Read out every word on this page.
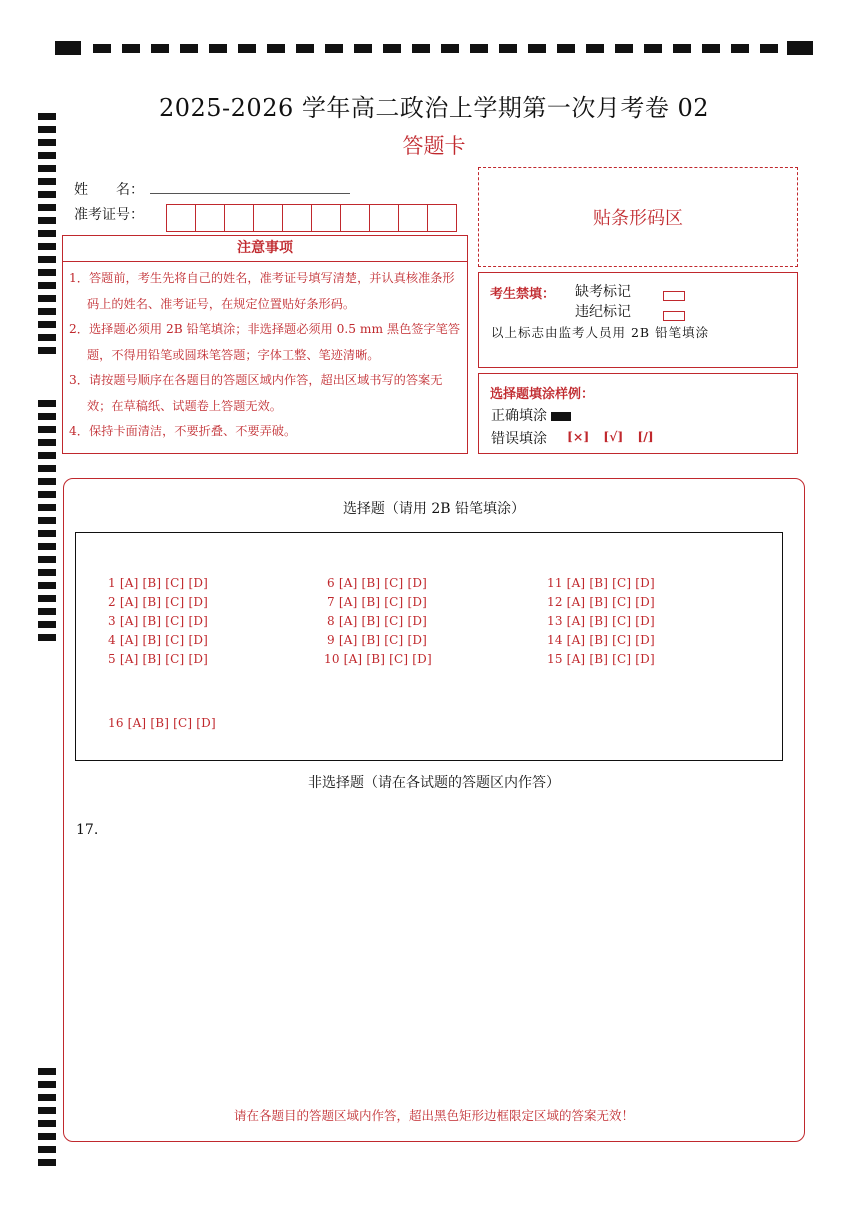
2025-2026 学年高二政治上学期第一次月考卷 02
答题卡
姓　　名：
准考证号：
注意事项
1．答题前，考生先将自己的姓名，准考证号填写清楚，并认真核准条形码上的姓名、准考证号，在规定位置贴好条形码。
2．选择题必须用 2B 铅笔填涂；非选择题必须用 0.5 mm 黑色签字笔答题，不得用铅笔或圆珠笔答题；字体工整、笔迹清晰。
3．请按题号顺序在各题目的答题区域内作答，超出区域书写的答案无效；在草稿纸、试题卷上答题无效。
4．保持卡面清洁，不要折叠、不要弄破。
贴条形码区
考生禁填： 缺考标记
违纪标记
以上标志由监考人员用 2B 铅笔填涂
选择题填涂样例：
正确填涂
错误填涂 [×] [√] [/]
选择题（请用 2B 铅笔填涂）
1 [A] [B] [C] [D]
2 [A] [B] [C] [D]
3 [A] [B] [C] [D]
4 [A] [B] [C] [D]
5 [A] [B] [C] [D]
6 [A] [B] [C] [D]
7 [A] [B] [C] [D]
8 [A] [B] [C] [D]
9 [A] [B] [C] [D]
10 [A] [B] [C] [D]
11 [A] [B] [C] [D]
12 [A] [B] [C] [D]
13 [A] [B] [C] [D]
14 [A] [B] [C] [D]
15 [A] [B] [C] [D]
16 [A] [B] [C] [D]
非选择题（请在各试题的答题区内作答）
17.
请在各题目的答题区域内作答，超出黑色矩形边框限定区域的答案无效！
